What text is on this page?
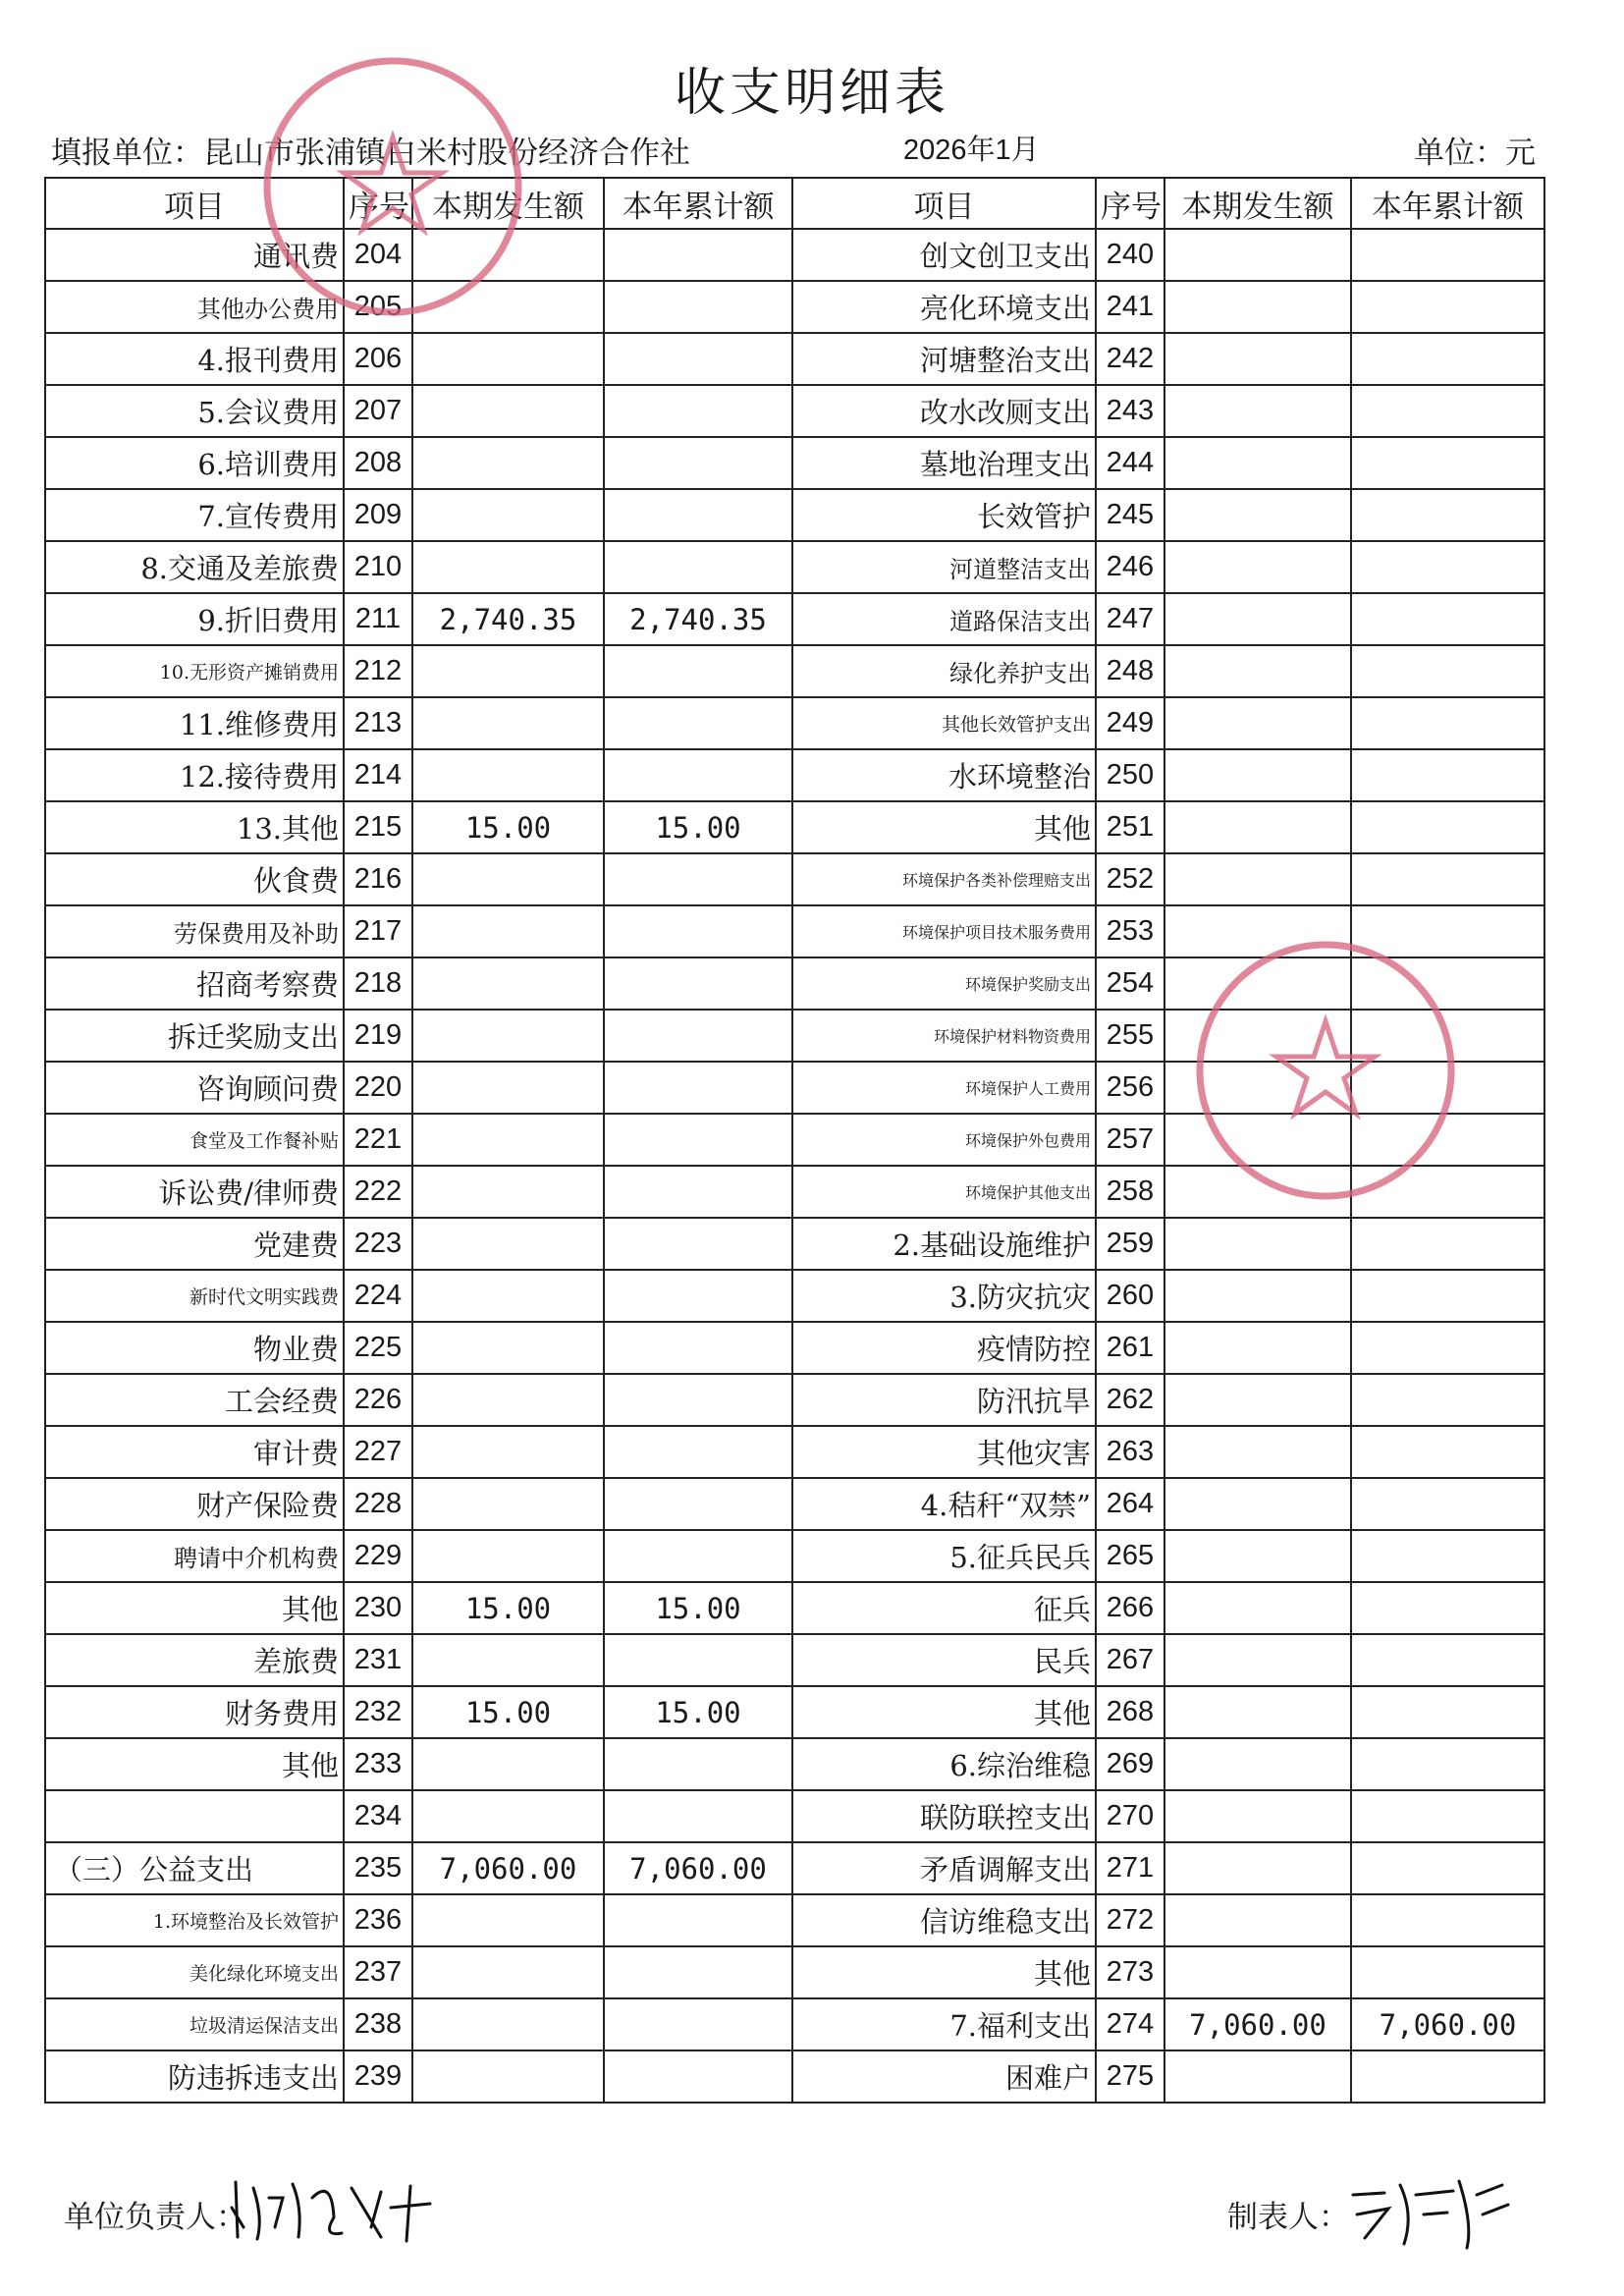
收支明细表
填报单位：昆山市张浦镇白米村股份经济合作社	2026年1月	单位：元
项目	序号	本期发生额	本年累计额	项目	序号	本期发生额	本年累计额
通讯费	204			创文创卫支出	240		
其他办公费用	205			亮化环境支出	241		
4.报刊费用	206			河塘整治支出	242		
5.会议费用	207			改水改厕支出	243		
6.培训费用	208			墓地治理支出	244		
7.宣传费用	209			长效管护	245		
8.交通及差旅费	210			河道整洁支出	246		
9.折旧费用	211	2,740.35	2,740.35	道路保洁支出	247		
10.无形资产摊销费用	212			绿化养护支出	248		
11.维修费用	213			其他长效管护支出	249		
12.接待费用	214			水环境整治	250		
13.其他	215	15.00	15.00	其他	251		
伙食费	216			环境保护各类补偿理赔支出	252		
劳保费用及补助	217			环境保护项目技术服务费用	253		
招商考察费	218			环境保护奖励支出	254		
拆迁奖励支出	219			环境保护材料物资费用	255		
咨询顾问费	220			环境保护人工费用	256		
食堂及工作餐补贴	221			环境保护外包费用	257		
诉讼费/律师费	222			环境保护其他支出	258		
党建费	223			2.基础设施维护	259		
新时代文明实践费	224			3.防灾抗灾	260		
物业费	225			疫情防控	261		
工会经费	226			防汛抗旱	262		
审计费	227			其他灾害	263		
财产保险费	228			4.秸秆“双禁”	264		
聘请中介机构费	229			5.征兵民兵	265		
其他	230	15.00	15.00	征兵	266		
差旅费	231			民兵	267		
财务费用	232	15.00	15.00	其他	268		
其他	233			6.综治维稳	269		
	234			联防联控支出	270		
（三）公益支出	235	7,060.00	7,060.00	矛盾调解支出	271		
1.环境整治及长效管护	236			信访维稳支出	272		
美化绿化环境支出	237			其他	273		
垃圾清运保洁支出	238			7.福利支出	274	7,060.00	7,060.00
防违拆违支出	239			困难户	275		
单位负责人：	制表人：
